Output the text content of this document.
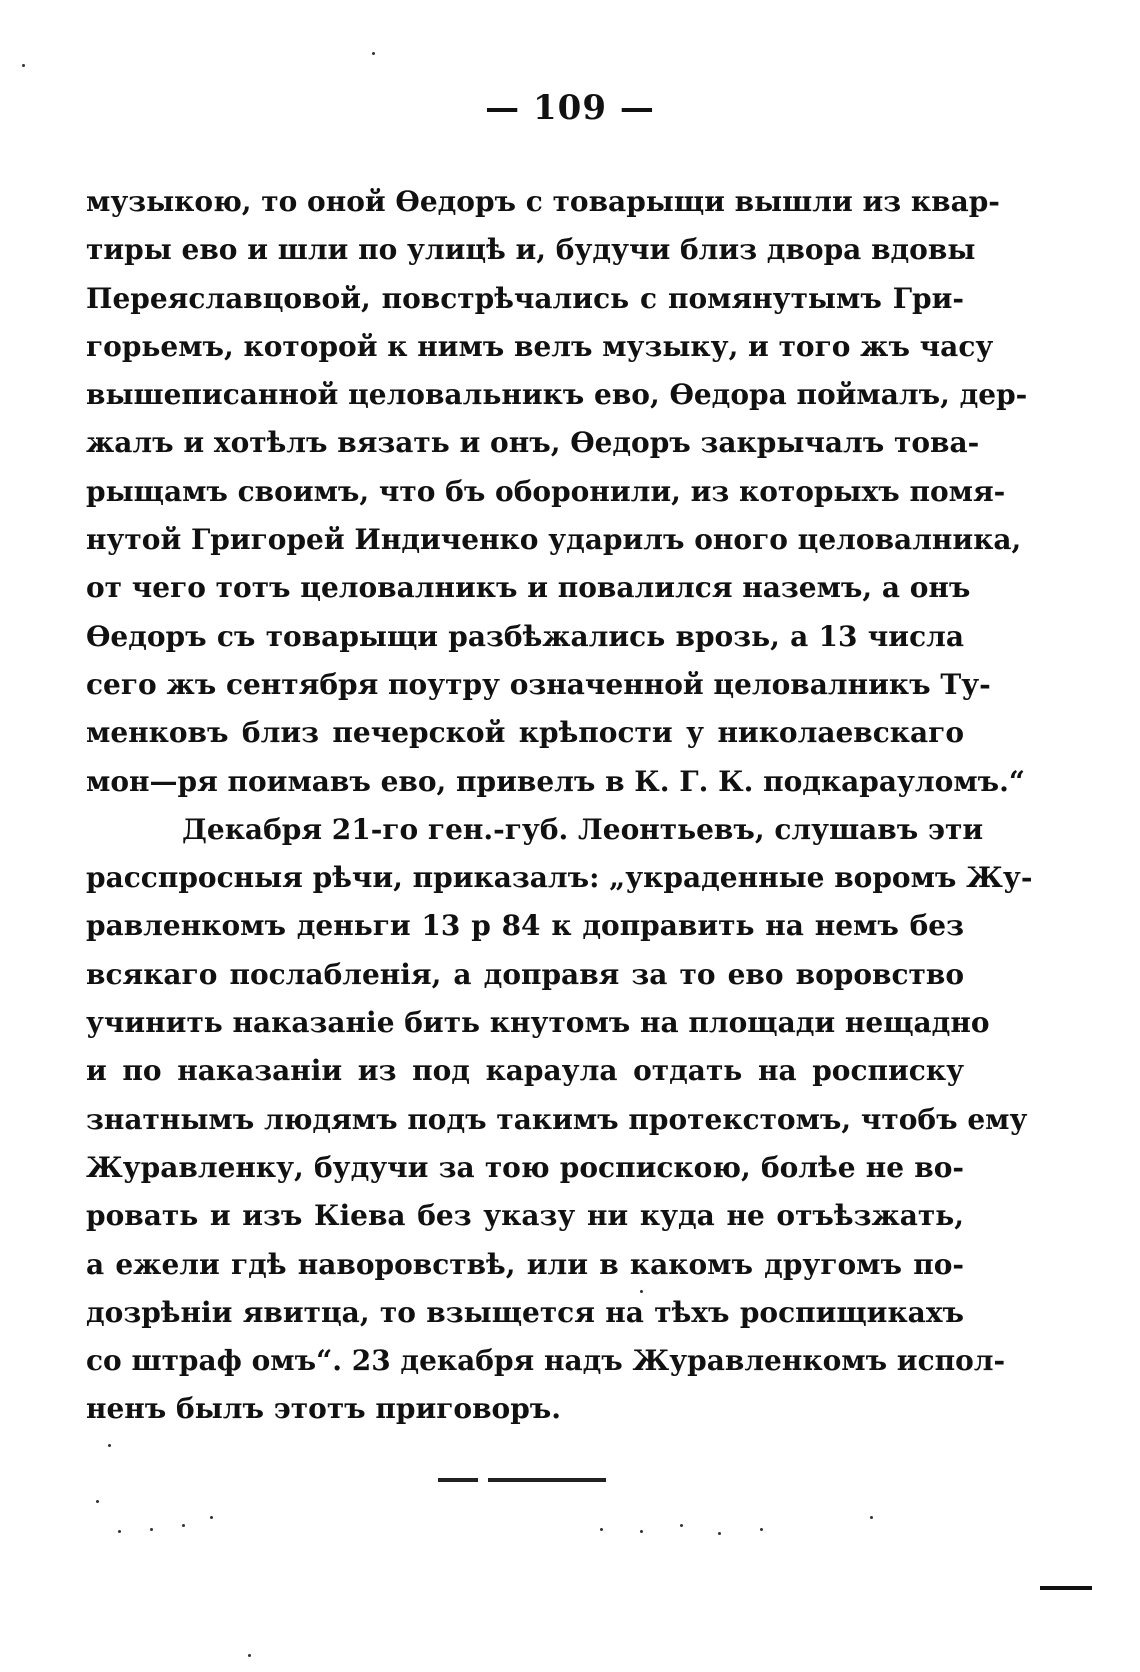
— 109 —
музыкою, то оной Өедоръ с товарыщи вышли из квар-
тиры ево и шли по улицѣ и, будучи близ двора вдовы
Переяславцовой, повстрѣчались с помянутымъ Гри-
горьемъ, которой к нимъ велъ музыку, и того жъ часу
вышеписанной целовальникъ ево, Өедора поймалъ, дер-
жалъ и хотѣлъ вязать и онъ, Өедоръ закрычалъ това-
рыщамъ своимъ, что бъ оборонили, из которыхъ помя-
нутой Григорей Индиченко ударилъ оного целовалника,
от чего тотъ целовалникъ и повалился наземъ, а онъ
Өедоръ съ товарыщи разбѣжались врозь, а 13 числа
сего жъ сентября поутру означенной целовалникъ Ту-
менковъ близ печерской крѣпости у николаевскаго
мон—ря поимавъ ево, привелъ в К. Г. К. подкарауломъ.“
Декабря 21-го ген.-губ. Леонтьевъ, слушавъ эти
расспросныя рѣчи, приказалъ: „украденные воромъ Жу-
равленкомъ деньги 13 р 84 к доправить на немъ без
всякаго послабленія, а доправя за то ево воровство
учинить наказаніе бить кнутомъ на площади нещадно
и по наказаніи из под караула отдать на росписку
знатнымъ людямъ подъ такимъ протекстомъ, чтобъ ему
Журавленку, будучи за тою роспискою, болѣе не во-
ровать и изъ Кіева без указу ни куда не отъѣзжать,
а ежели гдѣ наворовствѣ, или в какомъ другомъ по-
дозрѣніи явитца, то взыщется на тѣхъ роспищикахъ
со штраф омъ“. 23 декабря надъ Журавленкомъ испол-
ненъ былъ этотъ приговоръ.
